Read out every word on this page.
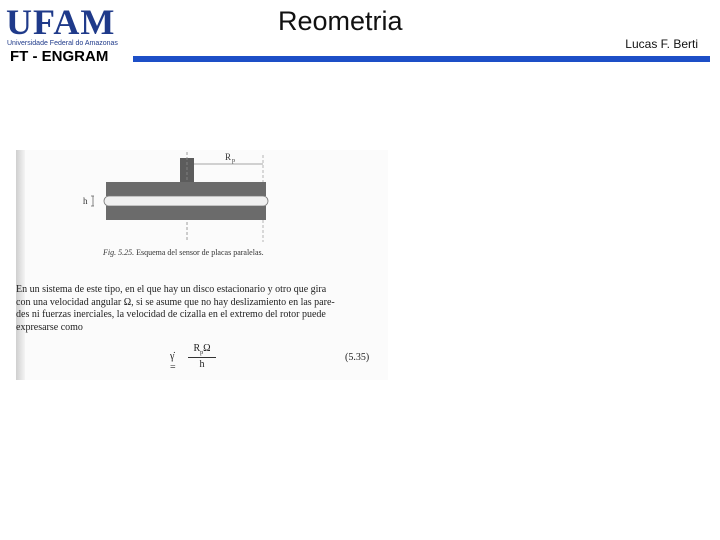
UFAM
Universidade Federal do Amazonas
FT - ENGRAM
Reometria
Lucas F. Berti
R p
h
Fig. 5.25. Esquema del sensor de placas paralelas.
En un sistema de este tipo, en el que hay un disco estacionario y otro que gira
con una velocidad angular Ω, si se asume que no hay deslizamiento en las pare-
des ni fuerzas inerciales, la velocidad de cizalla en el extremo del rotor puede
expresarse como
γ̇ =
$R_p\Omega$
h
(5.35)
